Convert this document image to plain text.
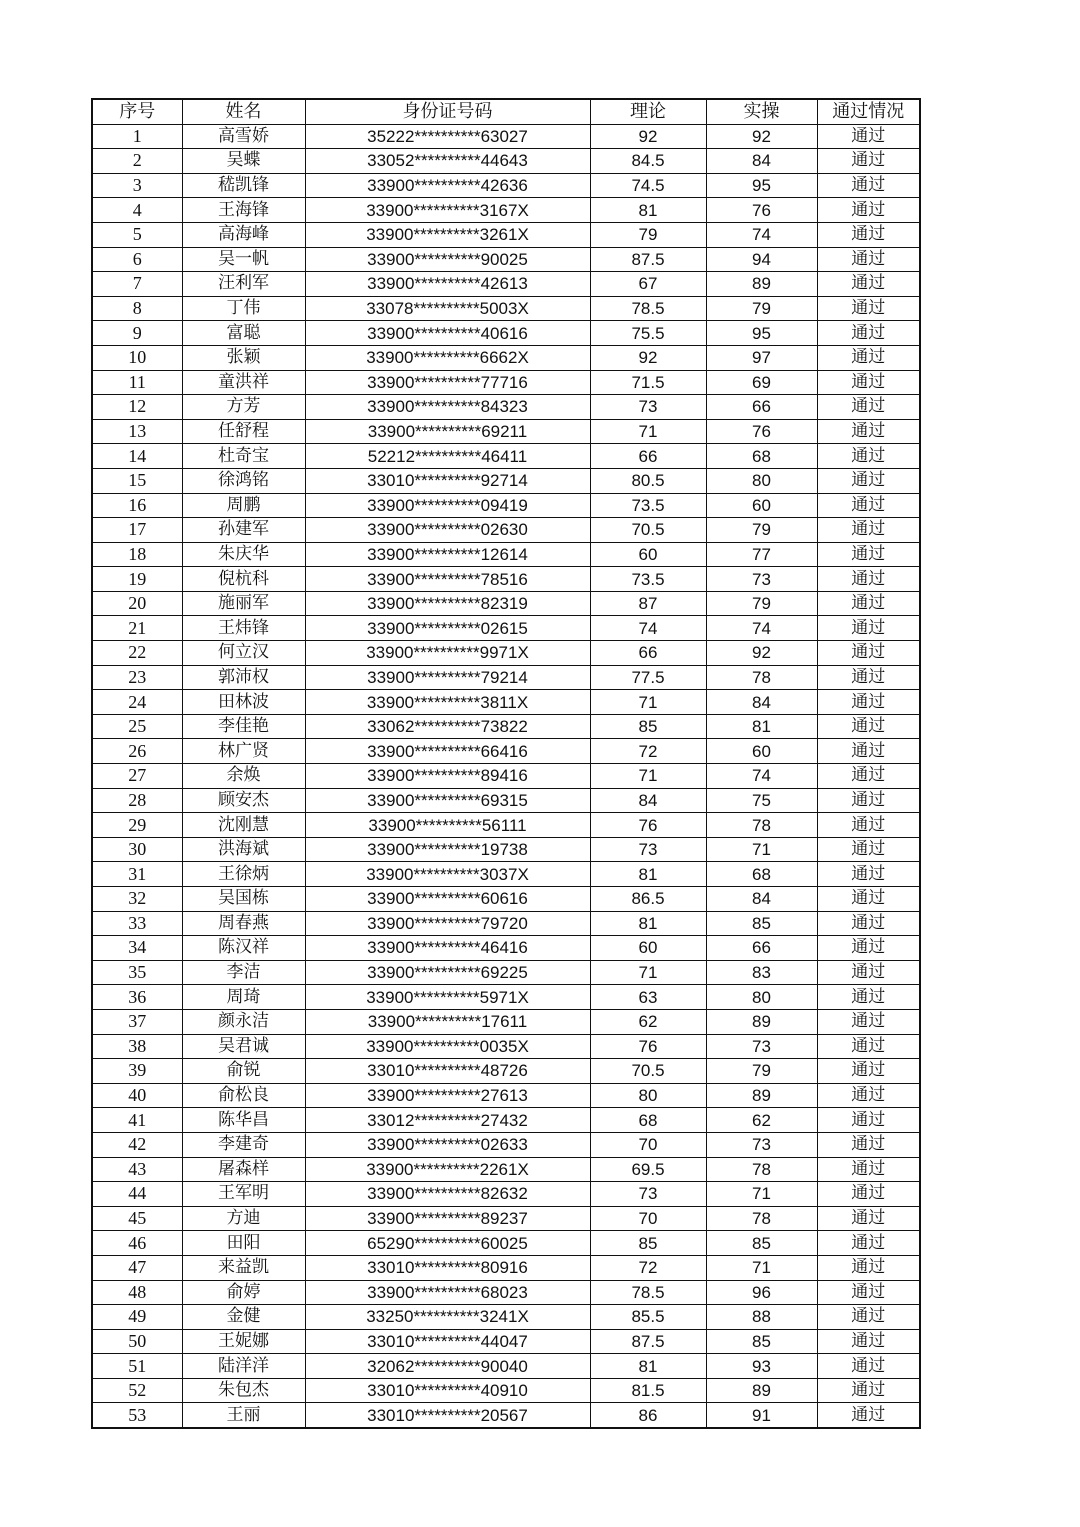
序号	姓名	身份证号码	理论	实操	通过情况
1	高雪娇	35222**********63027	92	92	通过
2	吴蝶	33052**********44643	84.5	84	通过
3	嵇凯锋	33900**********42636	74.5	95	通过
4	王海锋	33900**********3167X	81	76	通过
5	高海峰	33900**********3261X	79	74	通过
6	吴一帆	33900**********90025	87.5	94	通过
7	汪利军	33900**********42613	67	89	通过
8	丁伟	33078**********5003X	78.5	79	通过
9	富聪	33900**********40616	75.5	95	通过
10	张颖	33900**********6662X	92	97	通过
11	童洪祥	33900**********77716	71.5	69	通过
12	方芳	33900**********84323	73	66	通过
13	任舒程	33900**********69211	71	76	通过
14	杜奇宝	52212**********46411	66	68	通过
15	徐鸿铭	33010**********92714	80.5	80	通过
16	周鹏	33900**********09419	73.5	60	通过
17	孙建军	33900**********02630	70.5	79	通过
18	朱庆华	33900**********12614	60	77	通过
19	倪杭科	33900**********78516	73.5	73	通过
20	施丽军	33900**********82319	87	79	通过
21	王炜锋	33900**********02615	74	74	通过
22	何立汉	33900**********9971X	66	92	通过
23	郭沛权	33900**********79214	77.5	78	通过
24	田林波	33900**********3811X	71	84	通过
25	李佳艳	33062**********73822	85	81	通过
26	林广贤	33900**********66416	72	60	通过
27	余焕	33900**********89416	71	74	通过
28	顾安杰	33900**********69315	84	75	通过
29	沈刚慧	33900**********56111	76	78	通过
30	洪海斌	33900**********19738	73	71	通过
31	王徐炳	33900**********3037X	81	68	通过
32	吴国栋	33900**********60616	86.5	84	通过
33	周春燕	33900**********79720	81	85	通过
34	陈汉祥	33900**********46416	60	66	通过
35	李洁	33900**********69225	71	83	通过
36	周琦	33900**********5971X	63	80	通过
37	颜永洁	33900**********17611	62	89	通过
38	吴君诚	33900**********0035X	76	73	通过
39	俞锐	33010**********48726	70.5	79	通过
40	俞松良	33900**********27613	80	89	通过
41	陈华昌	33012**********27432	68	62	通过
42	李建奇	33900**********02633	70	73	通过
43	屠森样	33900**********2261X	69.5	78	通过
44	王军明	33900**********82632	73	71	通过
45	方迪	33900**********89237	70	78	通过
46	田阳	65290**********60025	85	85	通过
47	来益凯	33010**********80916	72	71	通过
48	俞婷	33900**********68023	78.5	96	通过
49	金健	33250**********3241X	85.5	88	通过
50	王妮娜	33010**********44047	87.5	85	通过
51	陆洋洋	32062**********90040	81	93	通过
52	朱包杰	33010**********40910	81.5	89	通过
53	王丽	33010**********20567	86	91	通过
